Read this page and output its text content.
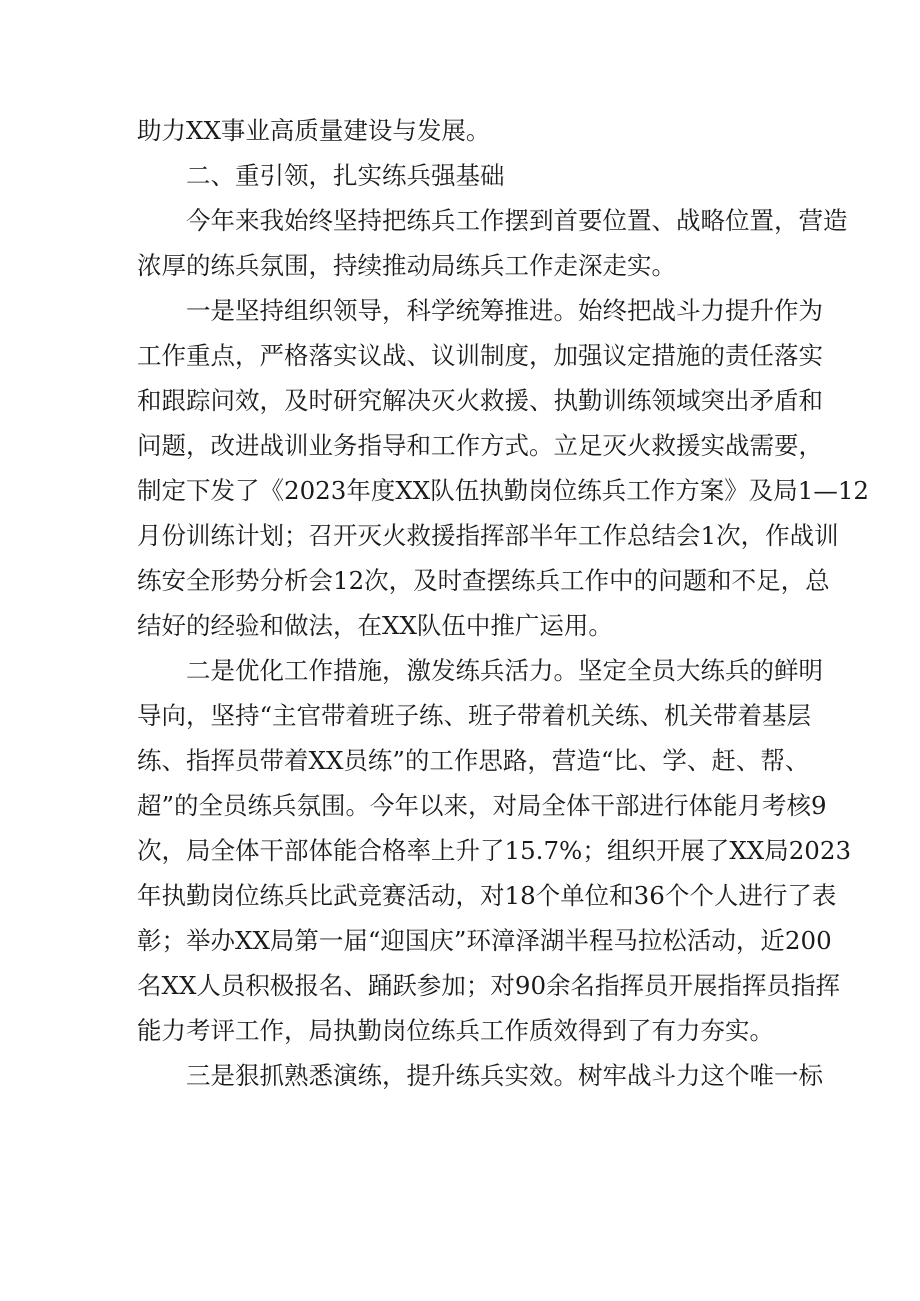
助力XX事业高质量建设与发展。
二、重引领，扎实练兵强基础
今年来我始终坚持把练兵工作摆到首要位置、战略位置，营造
浓厚的练兵氛围，持续推动局练兵工作走深走实。
一是坚持组织领导，科学统筹推进。始终把战斗力提升作为
工作重点，严格落实议战、议训制度，加强议定措施的责任落实
和跟踪问效，及时研究解决灭火救援、执勤训练领域突出矛盾和
问题，改进战训业务指导和工作方式。立足灭火救援实战需要，
制定下发了《2023年度XX队伍执勤岗位练兵工作方案》及局1—12
月份训练计划；召开灭火救援指挥部半年工作总结会1次，作战训
练安全形势分析会12次，及时查摆练兵工作中的问题和不足，总
结好的经验和做法，在XX队伍中推广运用。
二是优化工作措施，激发练兵活力。坚定全员大练兵的鲜明
导向，坚持“主官带着班子练、班子带着机关练、机关带着基层
练、指挥员带着XX员练”的工作思路，营造“比、学、赶、帮、
超”的全员练兵氛围。今年以来，对局全体干部进行体能月考核9
次，局全体干部体能合格率上升了15.7%；组织开展了XX局2023
年执勤岗位练兵比武竞赛活动，对18个单位和36个个人进行了表
彰；举办XX局第一届“迎国庆”环漳泽湖半程马拉松活动，近200
名XX人员积极报名、踊跃参加；对90余名指挥员开展指挥员指挥
能力考评工作，局执勤岗位练兵工作质效得到了有力夯实。
三是狠抓熟悉演练，提升练兵实效。树牢战斗力这个唯一标
